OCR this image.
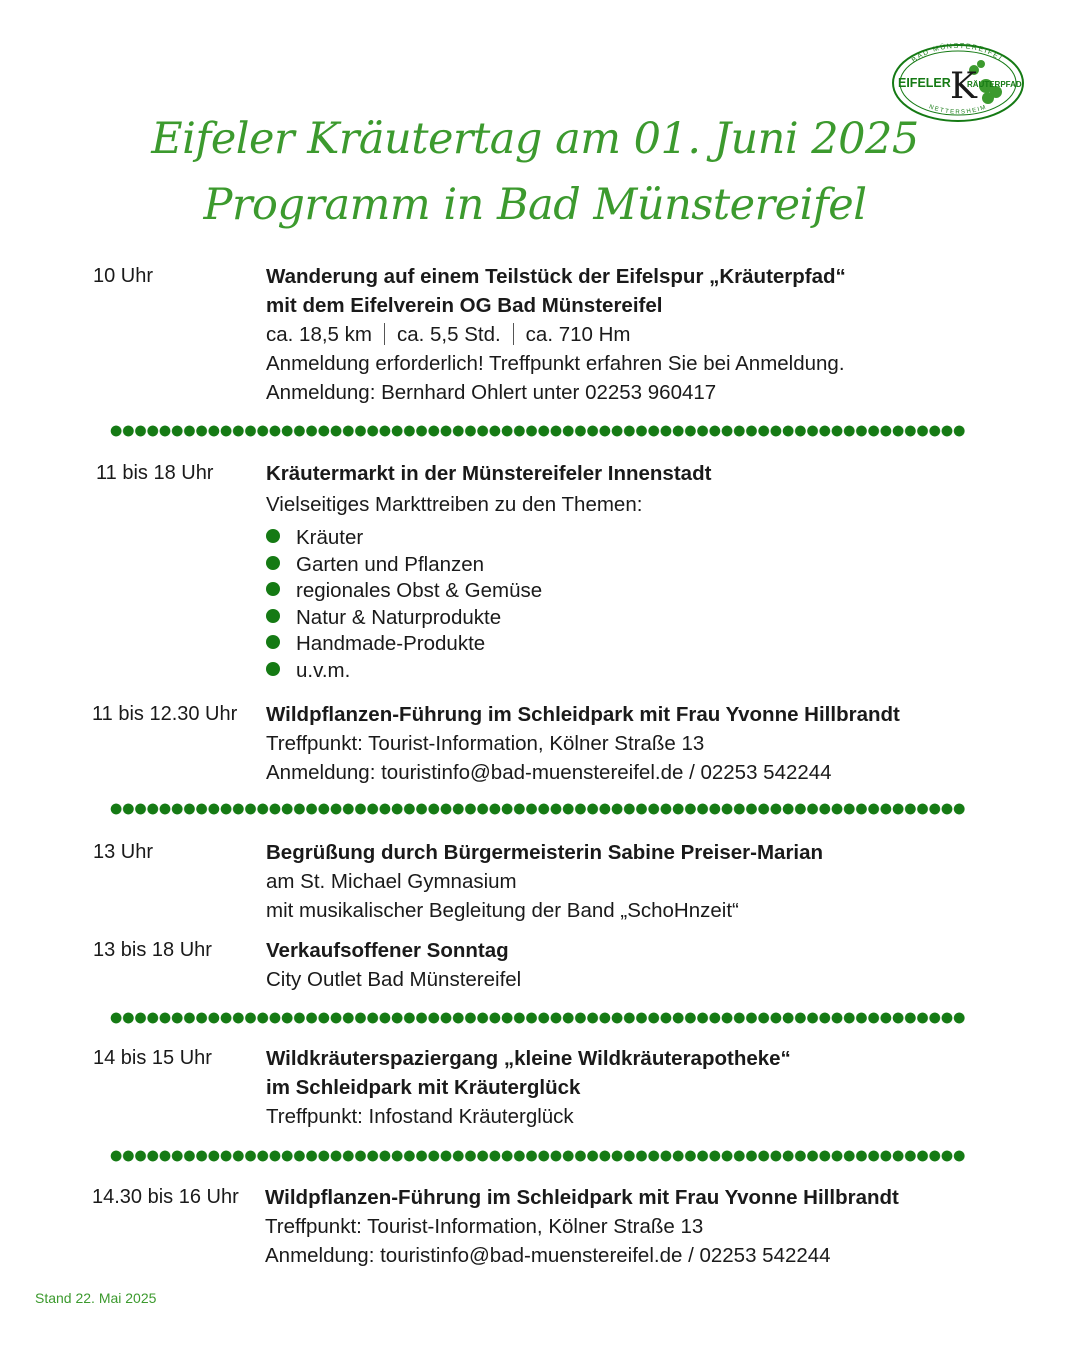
BAD MÜNSTEREIFEL
NETTERSHEIM
EIFELER K
RÄUTERPFAD
Eifeler Kräutertag am 01. Juni 2025
Programm in Bad Münstereifel
10 Uhr	Wanderung auf einem Teilstück der Eifelspur „Kräuterpfad“
mit dem Eifelverein OG Bad Münstereifel
ca. 18,5 km ca. 5,5 Std. ca. 710 Hm
Anmeldung erforderlich! Treffpunkt erfahren Sie bei Anmeldung.
Anmeldung: Bernhard Ohlert unter 02253 960417
11 bis 18 Uhr	Kräutermarkt in der Münstereifeler Innenstadt
Vielseitiges Markttreiben zu den Themen:
Kräuter
Garten und Pflanzen
regionales Obst & Gemüse
Natur & Naturprodukte
Handmade-Produkte
u.v.m.
11 bis 12.30 Uhr Wildpflanzen-Führung im Schleidpark mit Frau Yvonne Hillbrandt
Treffpunkt: Tourist-Information, Kölner Straße 13
Anmeldung: touristinfo@bad-muenstereifel.de / 02253 542244
13 Uhr	Begrüßung durch Bürgermeisterin Sabine Preiser-Marian
am St. Michael Gymnasium
mit musikalischer Begleitung der Band „SchoHnzeit“
13 bis 18 Uhr	Verkaufsoffener Sonntag
City Outlet Bad Münstereifel
14 bis 15 Uhr	Wildkräuterspaziergang „kleine Wildkräuterapotheke“
im Schleidpark mit Kräuterglück
Treffpunkt: Infostand Kräuterglück
14.30 bis 16 Uhr Wildpflanzen-Führung im Schleidpark mit Frau Yvonne Hillbrandt
Treffpunkt: Tourist-Information, Kölner Straße 13
Anmeldung: touristinfo@bad-muenstereifel.de / 02253 542244
Stand 22. Mai 2025
